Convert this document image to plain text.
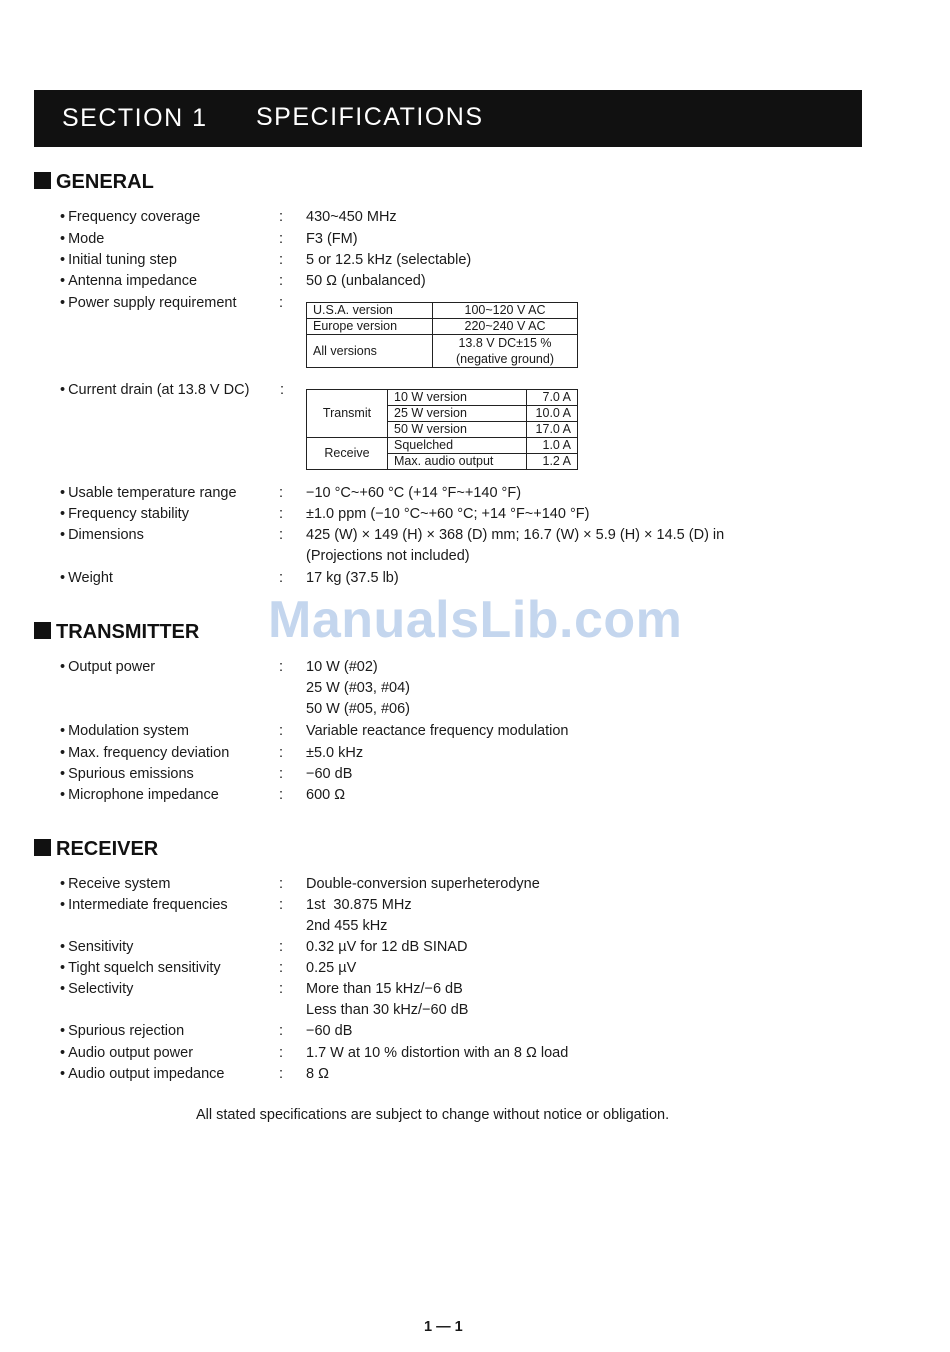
SECTION 1 SPECIFICATIONS
GENERAL
• Frequency coverage	: 430~450 MHz
• Mode	: F3 (FM)
• Initial tuning step	: 5 or 12.5 kHz (selectable)
• Antenna impedance	: 50 Ω (unbalanced)
• Power supply requirement	: U.S.A. version	100~120 V AC
Europe version	220~240 V AC
All versions	13.8 V DC±15 %
(negative ground)
• Current drain (at 13.8 V DC) :
Transmit	10 W version	7.0 A
	25 W version	10.0 A
	50 W version	17.0 A
Receive	Squelched	1.0 A
	Max. audio output	1.2 A
• Usable temperature range	: −10 °C~+60 °C (+14 °F~+140 °F)
• Frequency stability	: ±1.0 ppm (−10 °C~+60 °C; +14 °F~+140 °F)
• Dimensions	: 425 (W) × 149 (H) × 368 (D) mm; 16.7 (W) × 5.9 (H) × 14.5 (D) in
(Projections not included)
• Weight	: 17 kg (37.5 lb)
ManualsLib.com
TRANSMITTER
• Output power	: 10 W (#02)
25 W (#03, #04)
50 W (#05, #06)
• Modulation system	: Variable reactance frequency modulation
• Max. frequency deviation	: ±5.0 kHz
• Spurious emissions	: −60 dB
• Microphone impedance	: 600 Ω
RECEIVER
• Receive system	: Double-conversion superheterodyne
• Intermediate frequencies	: 1st  30.875 MHz
2nd 455 kHz
• Sensitivity	: 0.32 µV for 12 dB SINAD
• Tight squelch sensitivity	: 0.25 µV
• Selectivity	: More than 15 kHz/−6 dB
Less than 30 kHz/−60 dB
• Spurious rejection	: −60 dB
• Audio output power	: 1.7 W at 10 % distortion with an 8 Ω load
• Audio output impedance	: 8 Ω
All stated specifications are subject to change without notice or obligation.
1 — 1
